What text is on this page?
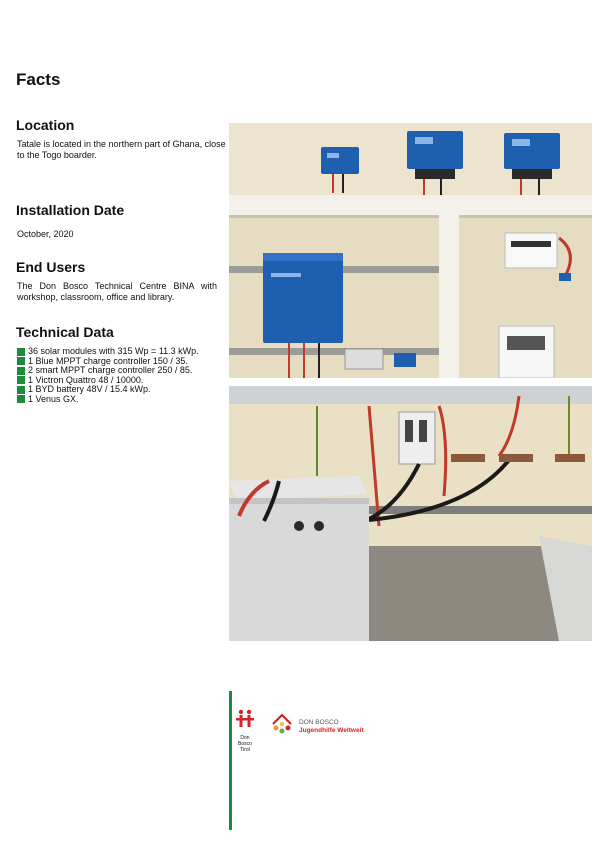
Facts
Location
Tatale is located in the northern part of Ghana, close to the Togo boarder.
Installation Date
October, 2020
End Users
The Don Bosco Technical Centre BINA with workshop, classroom, office and library.
Technical Data
36 solar modules with 315 Wp = 11.3 kWp.
1 Blue MPPT charge controller 150 / 35.
2 smart MPPT charge controller 250 / 85.
1 Victron Quattro 48 / 10000.
1 BYD battery 48V / 15.4 kWp.
1 Venus GX.
Don Bosco
Tirol
DON BOSCO
Jugendhilfe Weltweit
